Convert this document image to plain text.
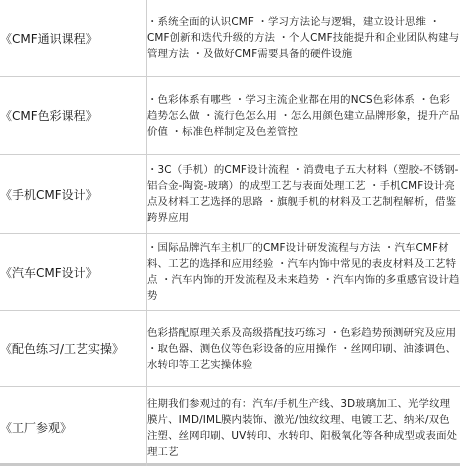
《CMF通识课程》	・系统全面的认识CMF ・学习方法论与逻辑，建立设计思维 ・CMF创新和迭代升级的方法 ・个人CMF技能提升和企业团队构建与管理方法 ・及做好CMF需要具备的硬件设施
《CMF色彩课程》	・色彩体系有哪些 ・学习主流企业都在用的NCS色彩体系 ・色彩趋势怎么做 ・流行色怎么用 ・怎么用颜色建立品牌形象，提升产品价值 ・标准色样制定及色差管控
《手机CMF设计》	・3C（手机）的CMF设计流程 ・消费电子五大材料（塑胶-不锈钢-铝合金-陶瓷-玻璃）的成型工艺与表面处理工艺 ・手机CMF设计亮点及材料工艺选择的思路 ・旗舰手机的材料及工艺制程解析，借鉴跨界应用
《汽车CMF设计》	・国际品牌汽车主机厂的CMF设计研发流程与方法 ・汽车CMF材料、工艺的选择和应用经验 ・汽车内饰中常见的表皮材料及工艺特点 ・汽车内饰的开发流程及未来趋势 ・汽车内饰的多重感官设计趋势
《配色练习/工艺实操》	色彩搭配原理关系及高级搭配技巧练习 ・色彩趋势预测研究及应用 ・取色器、测色仪等色彩设备的应用操作 ・丝网印刷、油漆调色、水转印等工艺实操体验
《工厂参观》	往期我们参观过的有：汽车/手机生产线、3D玻璃加工、光学纹理膜片、IMD/IML膜内装饰、激光/蚀纹纹理、电镀工艺、纳米/双色注塑、丝网印刷、UV转印、水转印、阳极氧化等各种成型或表面处理工艺
